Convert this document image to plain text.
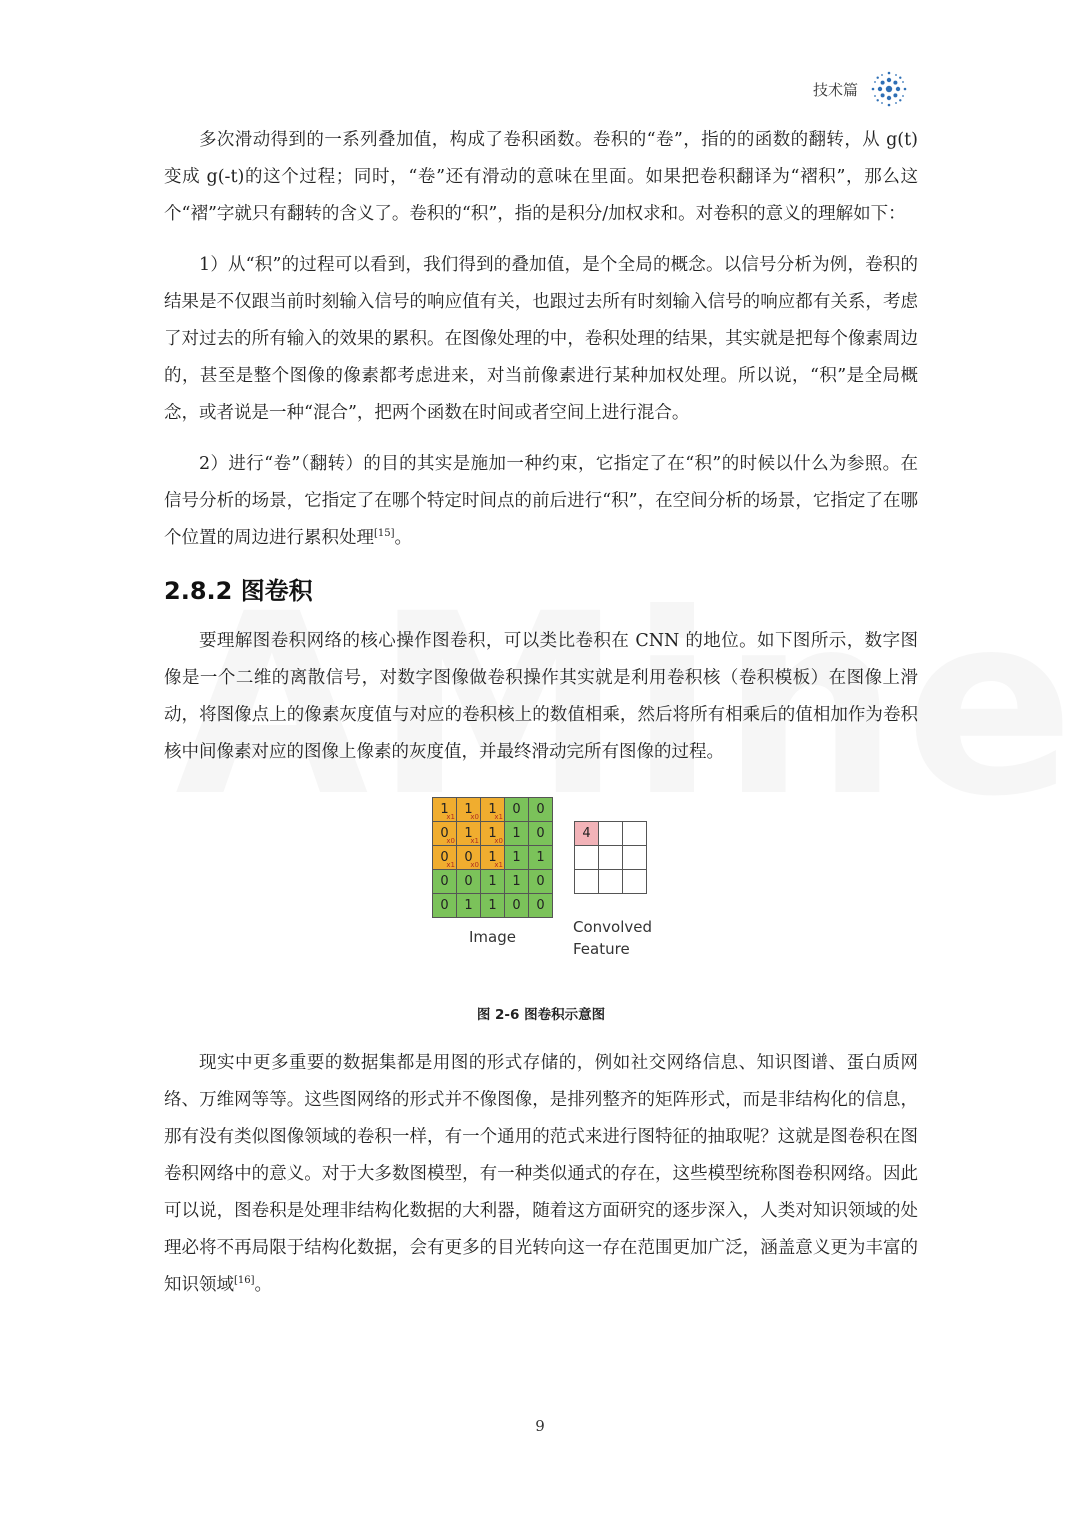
技术篇

多次滑动得到的一系列叠加值，构成了卷积函数。卷积的“卷”，指的的函数的翻转，从 g(t)变成 g(-t)的这个过程；同时，“卷”还有滑动的意味在里面。如果把卷积翻译为“褶积”，那么这个“褶”字就只有翻转的含义了。卷积的“积”，指的是积分/加权求和。对卷积的意义的理解如下：

1）从“积”的过程可以看到，我们得到的叠加值，是个全局的概念。以信号分析为例，卷积的结果是不仅跟当前时刻输入信号的响应值有关，也跟过去所有时刻输入信号的响应都有关系，考虑了对过去的所有输入的效果的累积。在图像处理的中，卷积处理的结果，其实就是把每个像素周边的，甚至是整个图像的像素都考虑进来，对当前像素进行某种加权处理。所以说，“积”是全局概念，或者说是一种“混合”，把两个函数在时间或者空间上进行混合。

2）进行“卷”（翻转）的目的其实是施加一种约束，它指定了在“积”的时候以什么为参照。在信号分析的场景，它指定了在哪个特定时间点的前后进行“积”，在空间分析的场景，它指定了在哪个位置的周边进行累积处理[15]。

2.8.2 图卷积

要理解图卷积网络的核心操作图卷积，可以类比卷积在 CNN 的地位。如下图所示，数字图像是一个二维的离散信号，对数字图像做卷积操作其实就是利用卷积核（卷积模板）在图像上滑动，将图像点上的像素灰度值与对应的卷积核上的数值相乘，然后将所有相乘后的值相加作为卷积核中间像素对应的图像上像素的灰度值，并最终滑动完所有图像的过程。

1
x1 1
x0 1
x1 0 0
0
x0 1
x1 1
x0 1 0
0
x1 0
x0 1
x1 1 1
0 0 1 1 0
0 1 1 0 0
4
Image
Convolved
Feature
图 2-6 图卷积示意图

现实中更多重要的数据集都是用图的形式存储的，例如社交网络信息、知识图谱、蛋白质网络、万维网等等。这些图网络的形式并不像图像，是排列整齐的矩阵形式，而是非结构化的信息，那有没有类似图像领域的卷积一样，有一个通用的范式来进行图特征的抽取呢？这就是图卷积在图卷积网络中的意义。对于大多数图模型，有一种类似通式的存在，这些模型统称图卷积网络。因此可以说，图卷积是处理非结构化数据的大利器，随着这方面研究的逐步深入，人类对知识领域的处理必将不再局限于结构化数据，会有更多的目光转向这一存在范围更加广泛，涵盖意义更为丰富的知识领域[16]。

9
